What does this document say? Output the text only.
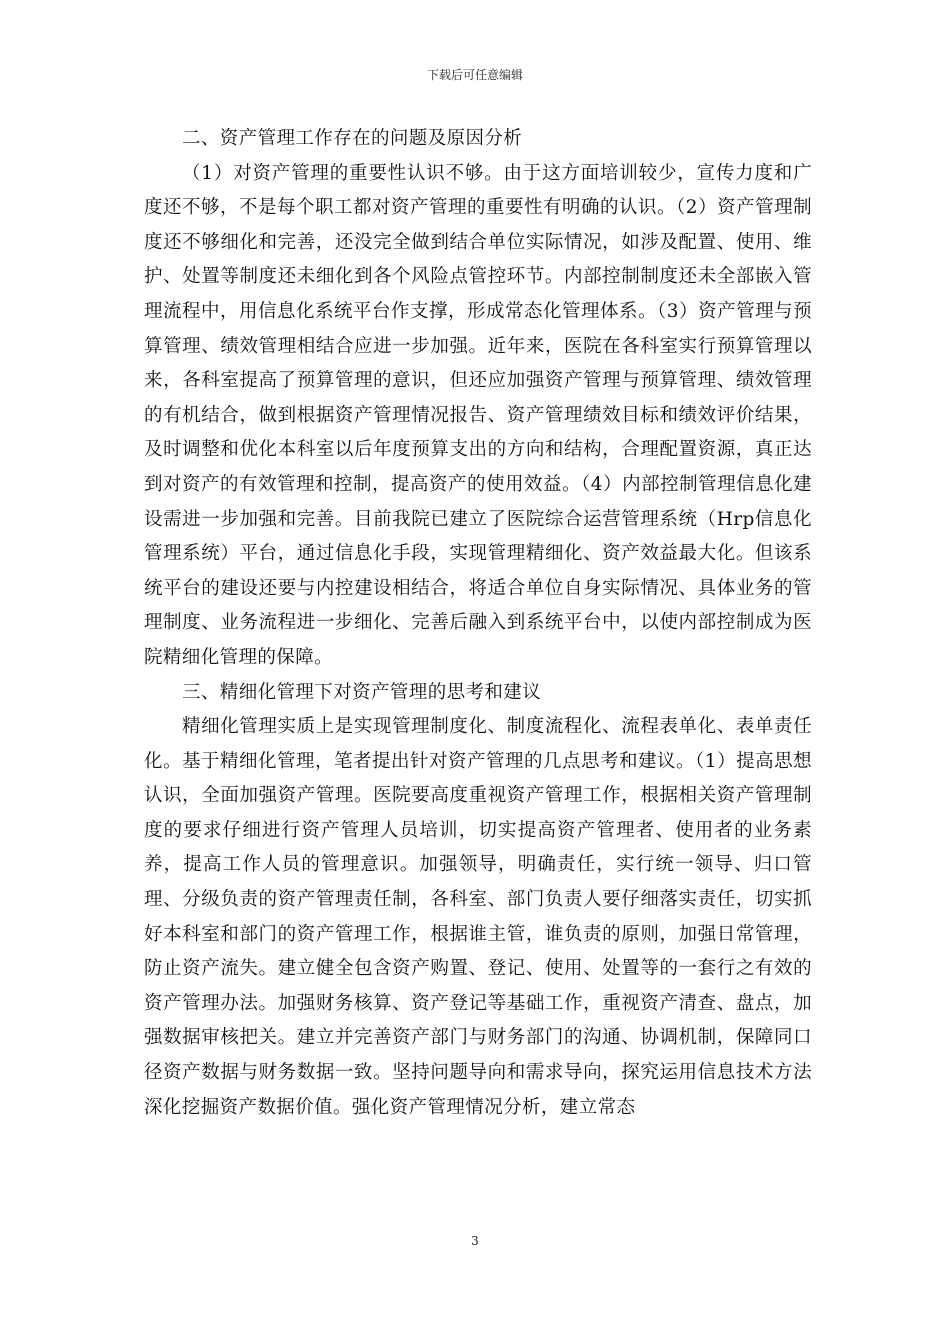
下载后可任意编辑

二、资产管理工作存在的问题及原因分析

（1）对资产管理的重要性认识不够。由于这方面培训较少，宣传力度和广度还不够，不是每个职工都对资产管理的重要性有明确的认识。（2）资产管理制度还不够细化和完善，还没完全做到结合单位实际情况，如涉及配置、使用、维护、处置等制度还未细化到各个风险点管控环节。内部控制制度还未全部嵌入管理流程中，用信息化系统平台作支撑，形成常态化管理体系。（3）资产管理与预算管理、绩效管理相结合应进一步加强。近年来，医院在各科室实行预算管理以来，各科室提高了预算管理的意识，但还应加强资产管理与预算管理、绩效管理的有机结合，做到根据资产管理情况报告、资产管理绩效目标和绩效评价结果，及时调整和优化本科室以后年度预算支出的方向和结构，合理配置资源，真正达到对资产的有效管理和控制，提高资产的使用效益。（4）内部控制管理信息化建设需进一步加强和完善。目前我院已建立了医院综合运营管理系统（Hrp信息化管理系统）平台，通过信息化手段，实现管理精细化、资产效益最大化。但该系统平台的建设还要与内控建设相结合，将适合单位自身实际情况、具体业务的管理制度、业务流程进一步细化、完善后融入到系统平台中，以使内部控制成为医院精细化管理的保障。

三、精细化管理下对资产管理的思考和建议

精细化管理实质上是实现管理制度化、制度流程化、流程表单化、表单责任化。基于精细化管理，笔者提出针对资产管理的几点思考和建议。（1）提高思想认识，全面加强资产管理。医院要高度重视资产管理工作，根据相关资产管理制度的要求仔细进行资产管理人员培训，切实提高资产管理者、使用者的业务素养，提高工作人员的管理意识。加强领导，明确责任，实行统一领导、归口管理、分级负责的资产管理责任制，各科室、部门负责人要仔细落实责任，切实抓好本科室和部门的资产管理工作，根据谁主管，谁负责的原则，加强日常管理，防止资产流失。建立健全包含资产购置、登记、使用、处置等的一套行之有效的资产管理办法。加强财务核算、资产登记等基础工作，重视资产清查、盘点，加强数据审核把关。建立并完善资产部门与财务部门的沟通、协调机制，保障同口径资产数据与财务数据一致。坚持问题导向和需求导向，探究运用信息技术方法深化挖掘资产数据价值。强化资产管理情况分析，建立常态

3
